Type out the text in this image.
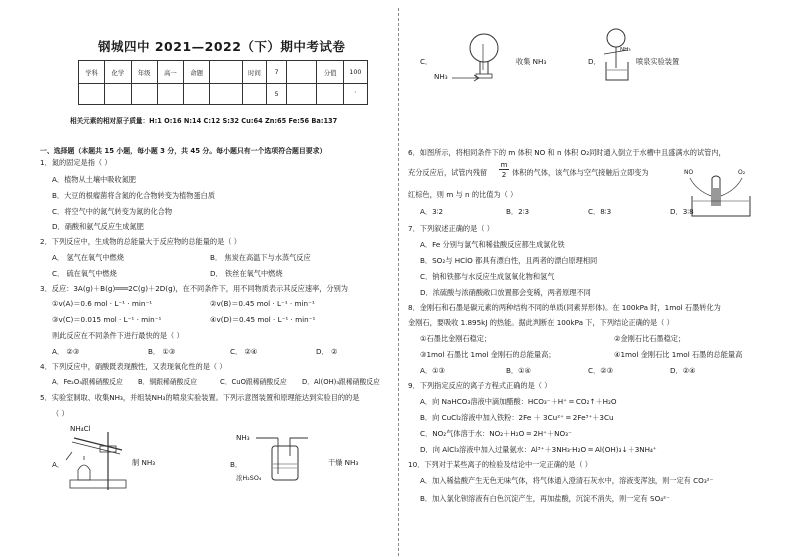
钢城四中 2021—2022（下）期中考试卷
学科	化学	年级	高一	命题		时间	7		分值	100
							5			′
相关元素的相对原子质量：H:1 O:16 N:14 C:12 S:32 Cu:64 Zn:65 Fe:56 Ba:137
一、选择题（本题共 15 小题，每小题 3 分，共 45 分。每小题只有一个选项符合题目要求）
1．氮的固定是指（ ）
A．植物从土壤中吸收氮肥
B．大豆的根瘤菌将含氮的化合物转变为植物蛋白质
C．将空气中的氮气转变为氮的化合物
D．硝酸和氨气反应生成氮肥
2．下列反应中，生成物的总能量大于反应物的总能量的是（ ）
A． 氢气在氧气中燃烧	B． 焦炭在高温下与水蒸气反应
C． 硫在氧气中燃烧	D． 铁丝在氧气中燃烧
3．反应：3A(g)＋B(g)═══2C(g)＋2D(g)，在不同条件下，用不同物质表示其反应速率，分别为
①v(A)＝0.6 mol · L⁻¹ · min⁻¹	②v(B)＝0.45 mol · L⁻¹ · min⁻¹
③v(C)＝0.015 mol · L⁻¹ · min⁻¹	④v(D)＝0.45 mol · L⁻¹ · min⁻¹
则此反应在不同条件下进行最快的是（ ）
A． ②③	B． ①③	C． ②④	D． ②
4．下列反应中，硝酸既表现酸性，又表现氧化性的是（ ）
A．Fe₂O₃跟稀硝酸反应 B．铜跟稀硝酸反应	C．CuO跟稀硝酸反应 D．Al(OH)₃跟稀硝酸反应
5．实验室制取、收集NH₃，并组装NH₃的喷泉实验装置。下列示意图装置和原理能达到实验目的的是
（ ）
NH₄Cl
A．	制 NH₃
NH₃
B．
浓H₂SO₄
干燥 NH₃
C．
NH₃
收集 NH₃	D．
NH₃
喷泉实验装置
6．如图所示，将相同条件下的 m 体积 NO 和 n 体积 O₂同时通入倒立于水槽中且盛满水的试管内，
充分反应后，试管内残留
m
2 体积的气体，该气体与空气接触后立即变为
红棕色，则 m 与 n 的比值为（ ）
A．3∶2	B．2∶3	C．8∶3	D．3∶8
NO	O₂
7．下列叙述正确的是（ ）
A．Fe 分别与氯气和稀盐酸反应都生成氯化铁
B．SO₂与 HClO 都具有漂白性，且两者的漂白原理相同
C．钠和铁都与水反应生成氢氧化物和氢气
D．浓硫酸与浓硝酸敞口放置都会变稀，两者原理不同
8．金刚石和石墨是碳元素的两种结构不同的单质(同素异形体)。在 100kPa 时，1mol 石墨转化为
金刚石，要吸收 1.895kJ 的热能。据此判断在 100kPa 下，下列结论正确的是（ ）
①石墨比金刚石稳定；	②金刚石比石墨稳定；
③1mol 石墨比 1mol 金刚石的总能量高；	④1mol 金刚石比 1mol 石墨的总能量高
A．①③	B．①④	C．②③	D．②④
9．下列指定反应的离子方程式正确的是（ ）
A．向 NaHCO₃溶液中滴加醋酸：HCO₃⁻＋H⁺ ═ CO₂↑＋H₂O
B．向 CuCl₂溶液中加入铁粉：2Fe ＋ 3Cu²⁺ ═ 2Fe³⁺＋3Cu
C．NO₂气体溶于水：NO₂＋H₂O ═ 2H⁺＋NO₃⁻
D．向 AlCl₃溶液中加入过量氨水：Al³⁺＋3NH₃·H₂O ═ Al(OH)₃↓＋3NH₄⁺
10．下列对于某些离子的检验及结论中一定正确的是（ ）
A．加入稀盐酸产生无色无味气体，将气体通入澄清石灰水中，溶液变浑浊，则一定有 CO₃²⁻
B．加入氯化钡溶液有白色沉淀产生，再加盐酸，沉淀不消失，则一定有 SO₄²⁻
